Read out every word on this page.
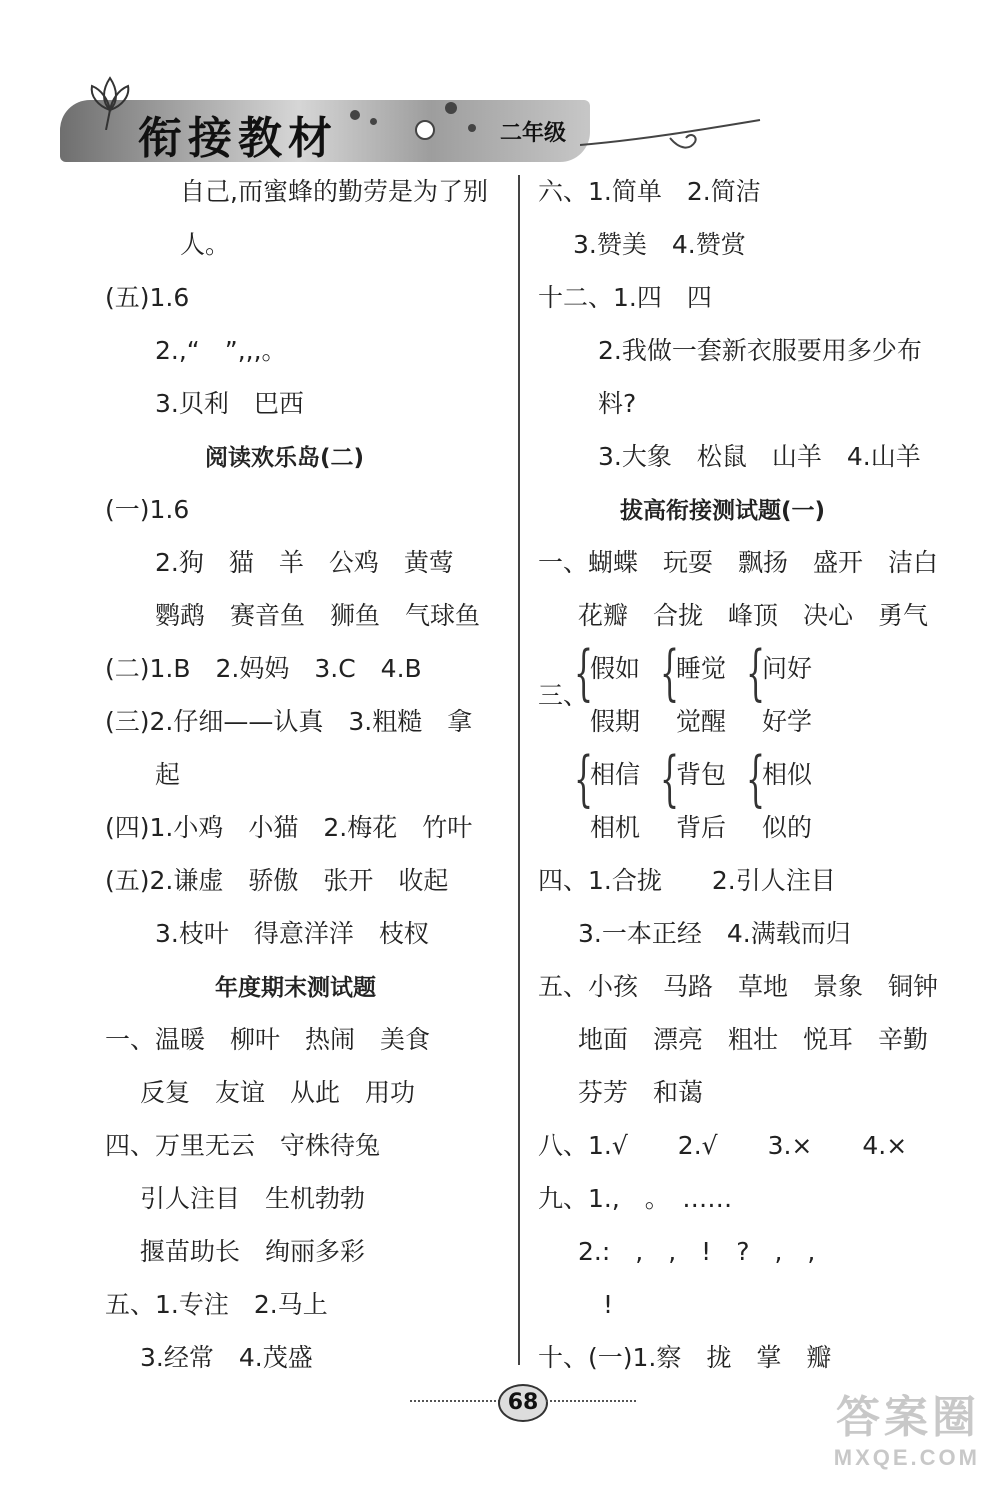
衔接教材	二年级
自己,而蜜蜂的勤劳是为了别
人。
(五)1.6
2.,“　”,,,。
3.贝利　巴西
阅读欢乐岛(二)
(一)1.6
2.狗　猫　羊　公鸡　黄莺
鹦鹉　赛音鱼　狮鱼　气球鱼
(二)1.B　2.妈妈　3.C　4.B
(三)2.仔细——认真　3.粗糙　拿
起
(四)1.小鸡　小猫　2.梅花　竹叶
(五)2.谦虚　骄傲　张开　收起
3.枝叶　得意洋洋　枝杈
年度期末测试题
一、温暖　柳叶　热闹　美食
反复　友谊　从此　用功
四、万里无云　守株待兔
引人注目　生机勃勃
揠苗助长　绚丽多彩
五、1.专注　2.马上
3.经常　4.茂盛
六、1.简单　2.简洁
3.赞美　4.赞赏
十二、1.四　四
2.我做一套新衣服要用多少布
料?
3.大象　松鼠　山羊　4.山羊
拔高衔接测试题(一)
一、蝴蝶　玩耍　飘扬　盛开　洁白
花瓣　合拢　峰顶　决心　勇气
三、
{
假如
假期
{
睡觉
觉醒
{
问好
好学
{
相信
相机
{
背包
背后
{
相似
似的
四、1.合拢　　2.引人注目
3.一本正经　4.满载而归
五、小孩　马路　草地　景象　铜钟
地面　漂亮　粗壮　悦耳　辛勤
芬芳　和蔼
八、1.√　　2.√　　3.×　　4.×
九、1.,　。　……
2.:　,　,　!　?　,　,
!
十、(一)1.察　拢　掌　瓣
68	答案圈
MXQE.COM
